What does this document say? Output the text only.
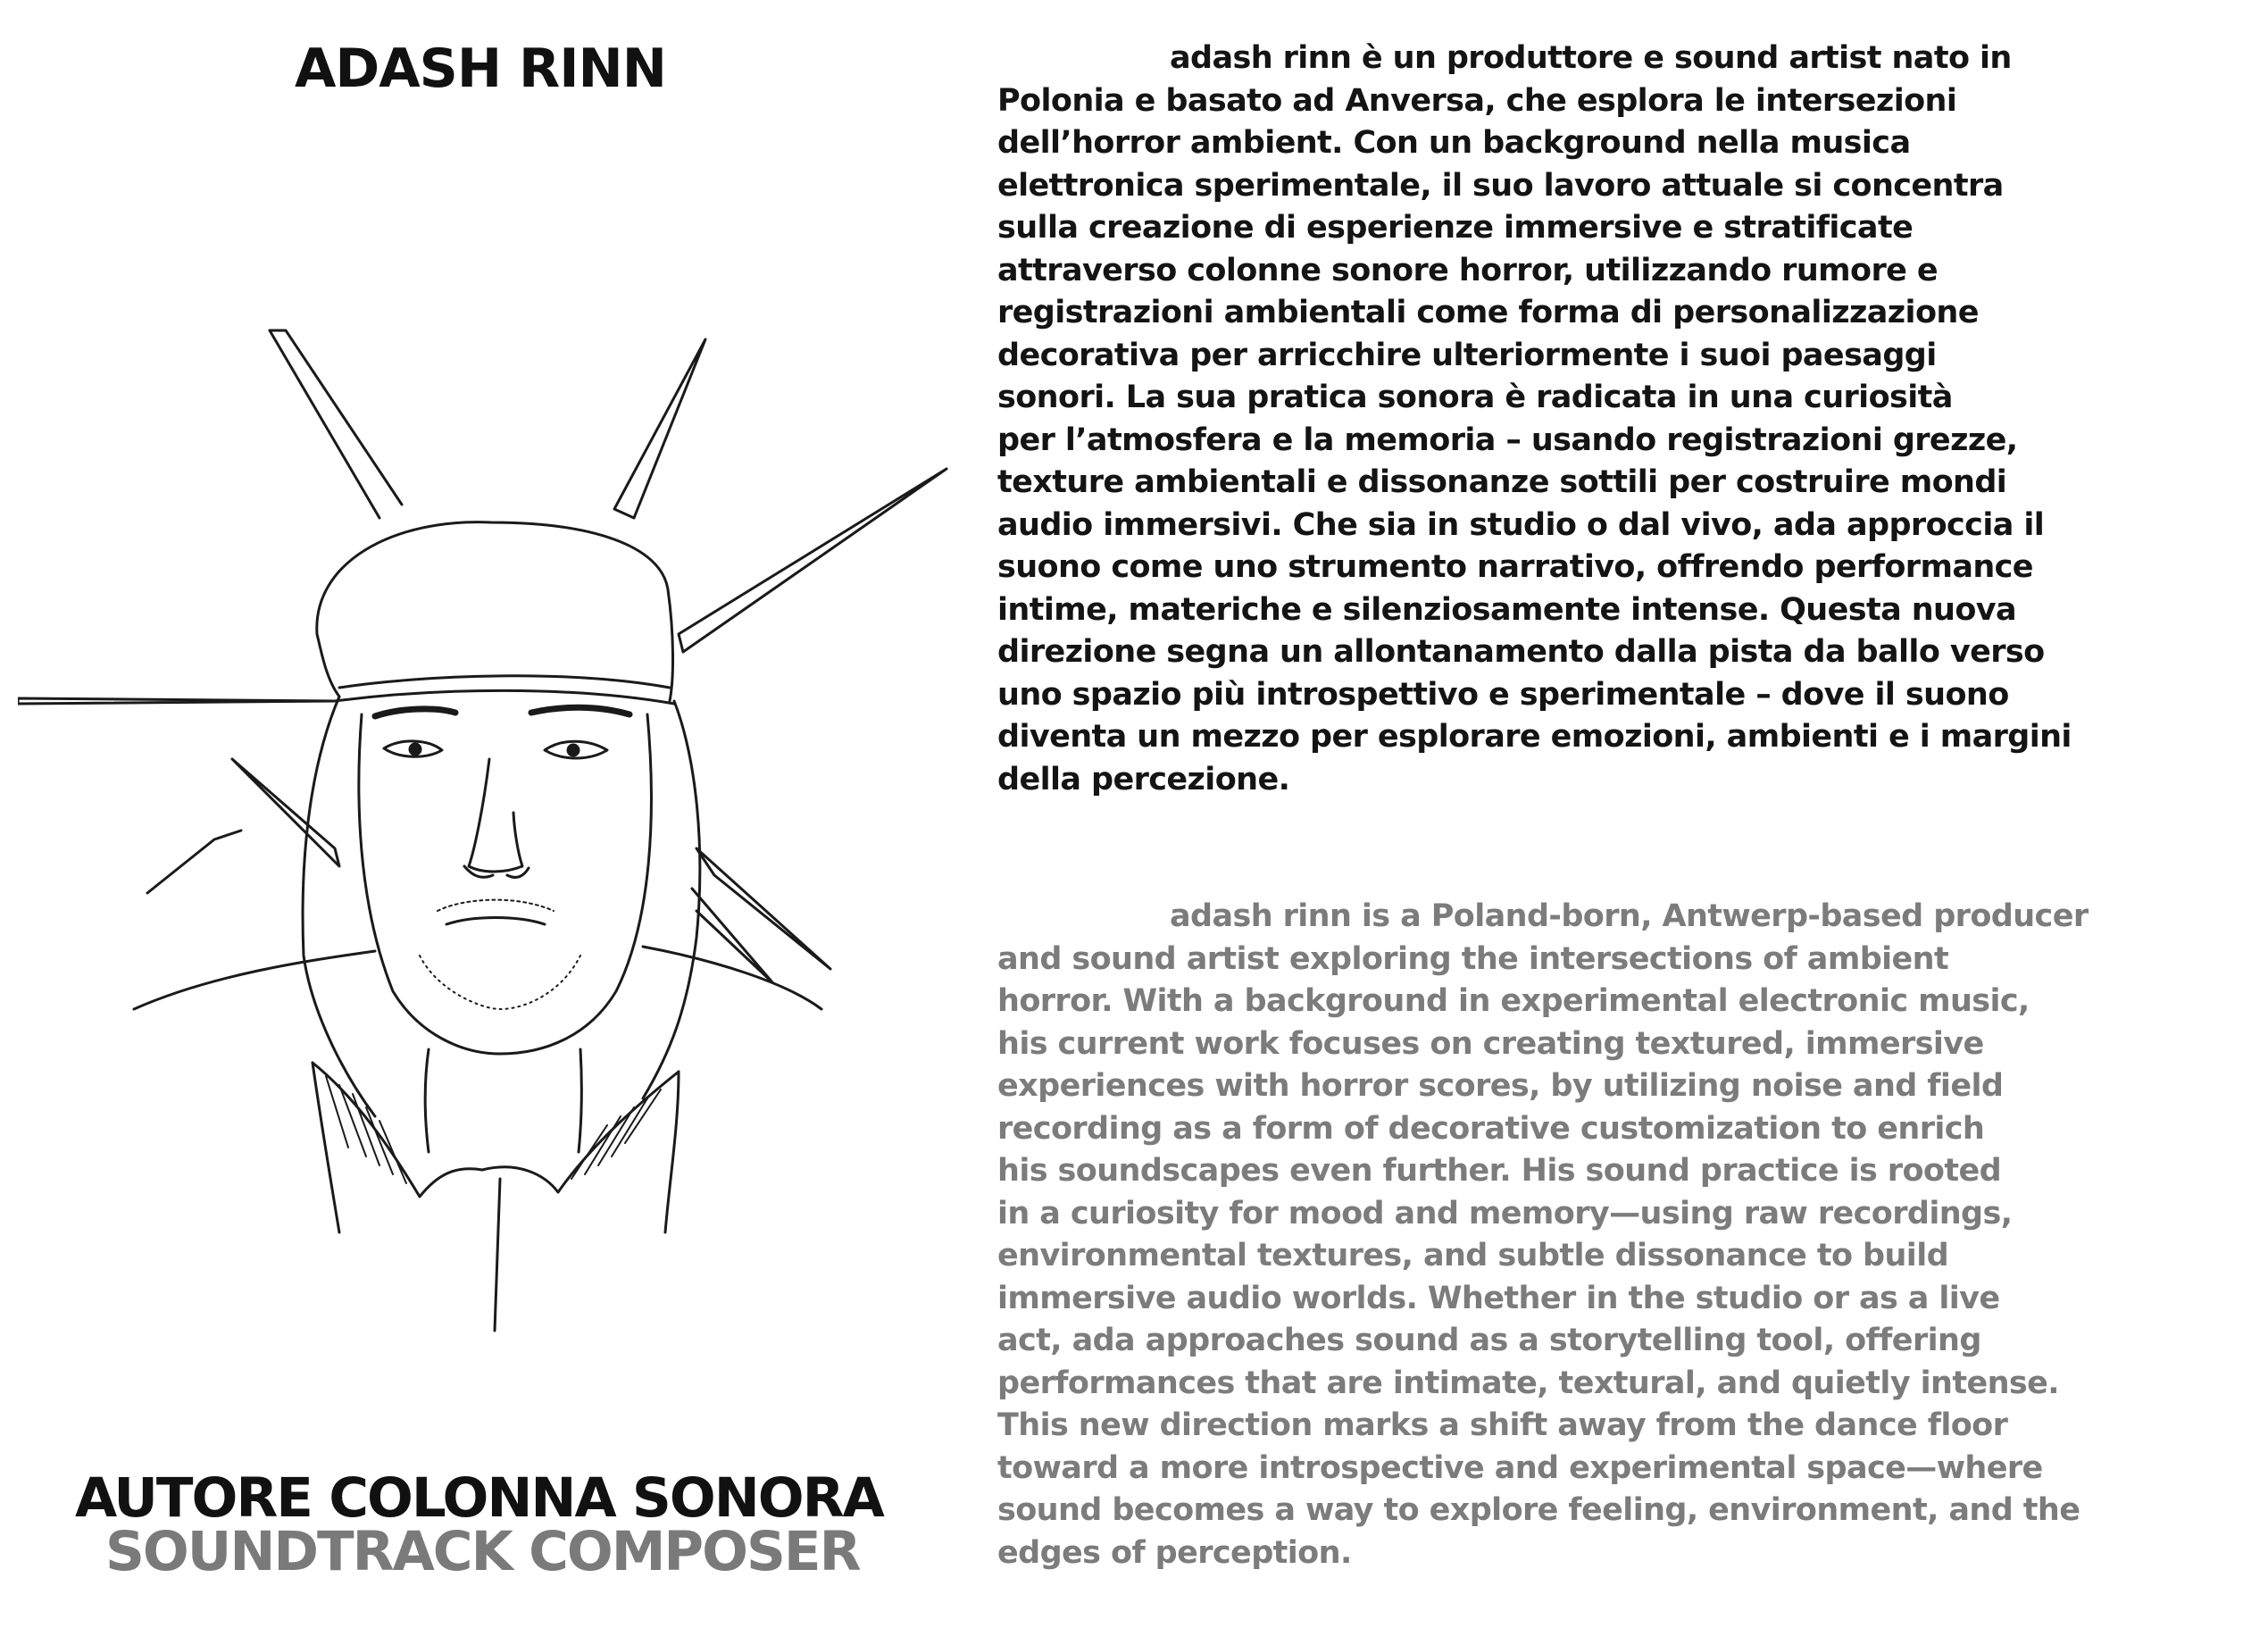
ADASH RINN
AUTORE COLONNA SONORA
SOUNDTRACK COMPOSER

adash rinn è un produttore e sound artist nato in
Polonia e basato ad Anversa, che esplora le intersezioni
dell’horror ambient. Con un background nella musica
elettronica sperimentale, il suo lavoro attuale si concentra
sulla creazione di esperienze immersive e stratificate
attraverso colonne sonore horror, utilizzando rumore e
registrazioni ambientali come forma di personalizzazione
decorativa per arricchire ulteriormente i suoi paesaggi
sonori. La sua pratica sonora è radicata in una curiosità
per l’atmosfera e la memoria – usando registrazioni grezze,
texture ambientali e dissonanze sottili per costruire mondi
audio immersivi. Che sia in studio o dal vivo, ada approccia il
suono come uno strumento narrativo, offrendo performance
intime, materiche e silenziosamente intense. Questa nuova
direzione segna un allontanamento dalla pista da ballo verso
uno spazio più introspettivo e sperimentale – dove il suono
diventa un mezzo per esplorare emozioni, ambienti e i margini
della percezione.

adash rinn is a Poland-born, Antwerp-based producer
and sound artist exploring the intersections of ambient
horror. With a background in experimental electronic music,
his current work focuses on creating textured, immersive
experiences with horror scores, by utilizing noise and field
recording as a form of decorative customization to enrich
his soundscapes even further. His sound practice is rooted
in a curiosity for mood and memory—using raw recordings,
environmental textures, and subtle dissonance to build
immersive audio worlds. Whether in the studio or as a live
act, ada approaches sound as a storytelling tool, offering
performances that are intimate, textural, and quietly intense.
This new direction marks a shift away from the dance floor
toward a more introspective and experimental space—where
sound becomes a way to explore feeling, environment, and the
edges of perception.
